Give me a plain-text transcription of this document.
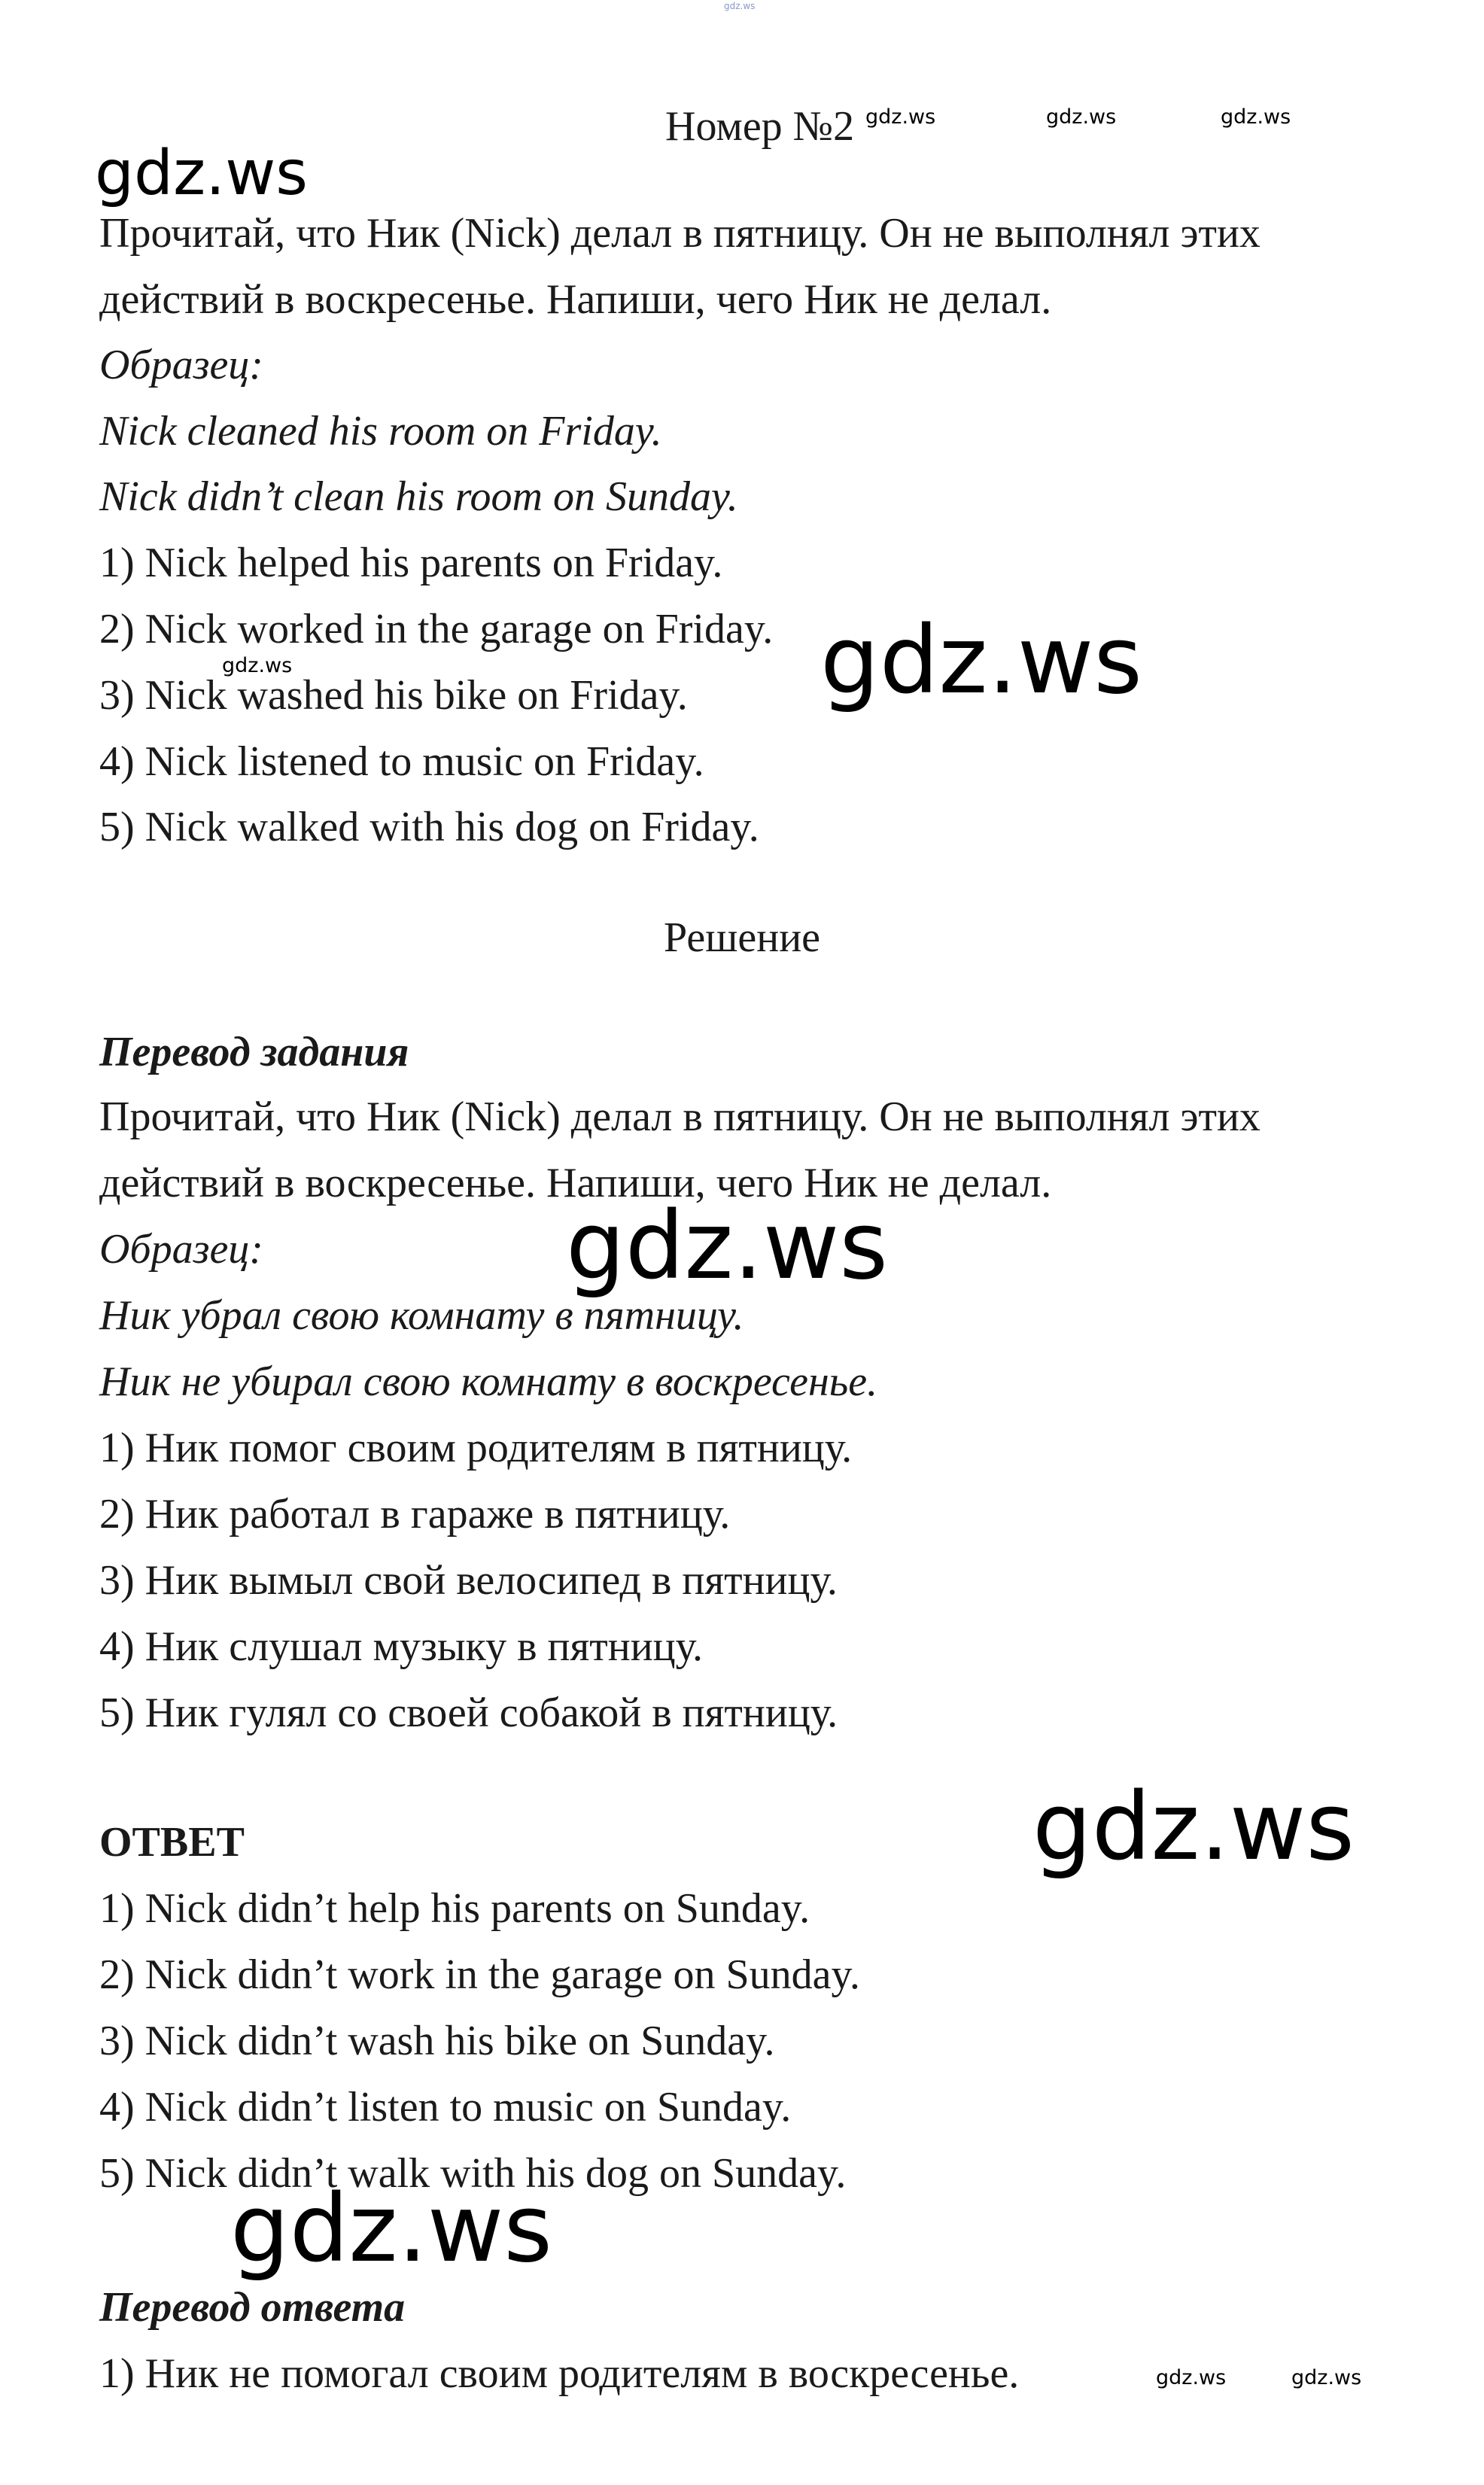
gdz.ws
gdz.ws	gdz.ws	gdz.ws
gdz.ws
gdz.ws
gdz.ws
gdz.ws
gdz.ws
gdz.ws
gdz.ws	gdz.ws
Номер №2
Прочитай, что Ник (Nick) делал в пятницу. Он не выполнял этих
действий в воскресенье. Напиши, чего Ник не делал.
Образец:
Nick cleaned his room on Friday.
Nick didn’t clean his room on Sunday.
1) Nick helped his parents on Friday.
2) Nick worked in the garage on Friday.
3) Nick washed his bike on Friday.
4) Nick listened to music on Friday.
5) Nick walked with his dog on Friday.
Решение
Перевод задания
Прочитай, что Ник (Nick) делал в пятницу. Он не выполнял этих
действий в воскресенье. Напиши, чего Ник не делал.
Образец:
Ник убрал свою комнату в пятницу.
Ник не убирал свою комнату в воскресенье.
1) Ник помог своим родителям в пятницу.
2) Ник работал в гараже в пятницу.
3) Ник вымыл свой велосипед в пятницу.
4) Ник слушал музыку в пятницу.
5) Ник гулял со своей собакой в пятницу.
ОТВЕТ
1) Nick didn’t help his parents on Sunday.
2) Nick didn’t work in the garage on Sunday.
3) Nick didn’t wash his bike on Sunday.
4) Nick didn’t listen to music on Sunday.
5) Nick didn’t walk with his dog on Sunday.
Перевод ответа
1) Ник не помогал своим родителям в воскресенье.
